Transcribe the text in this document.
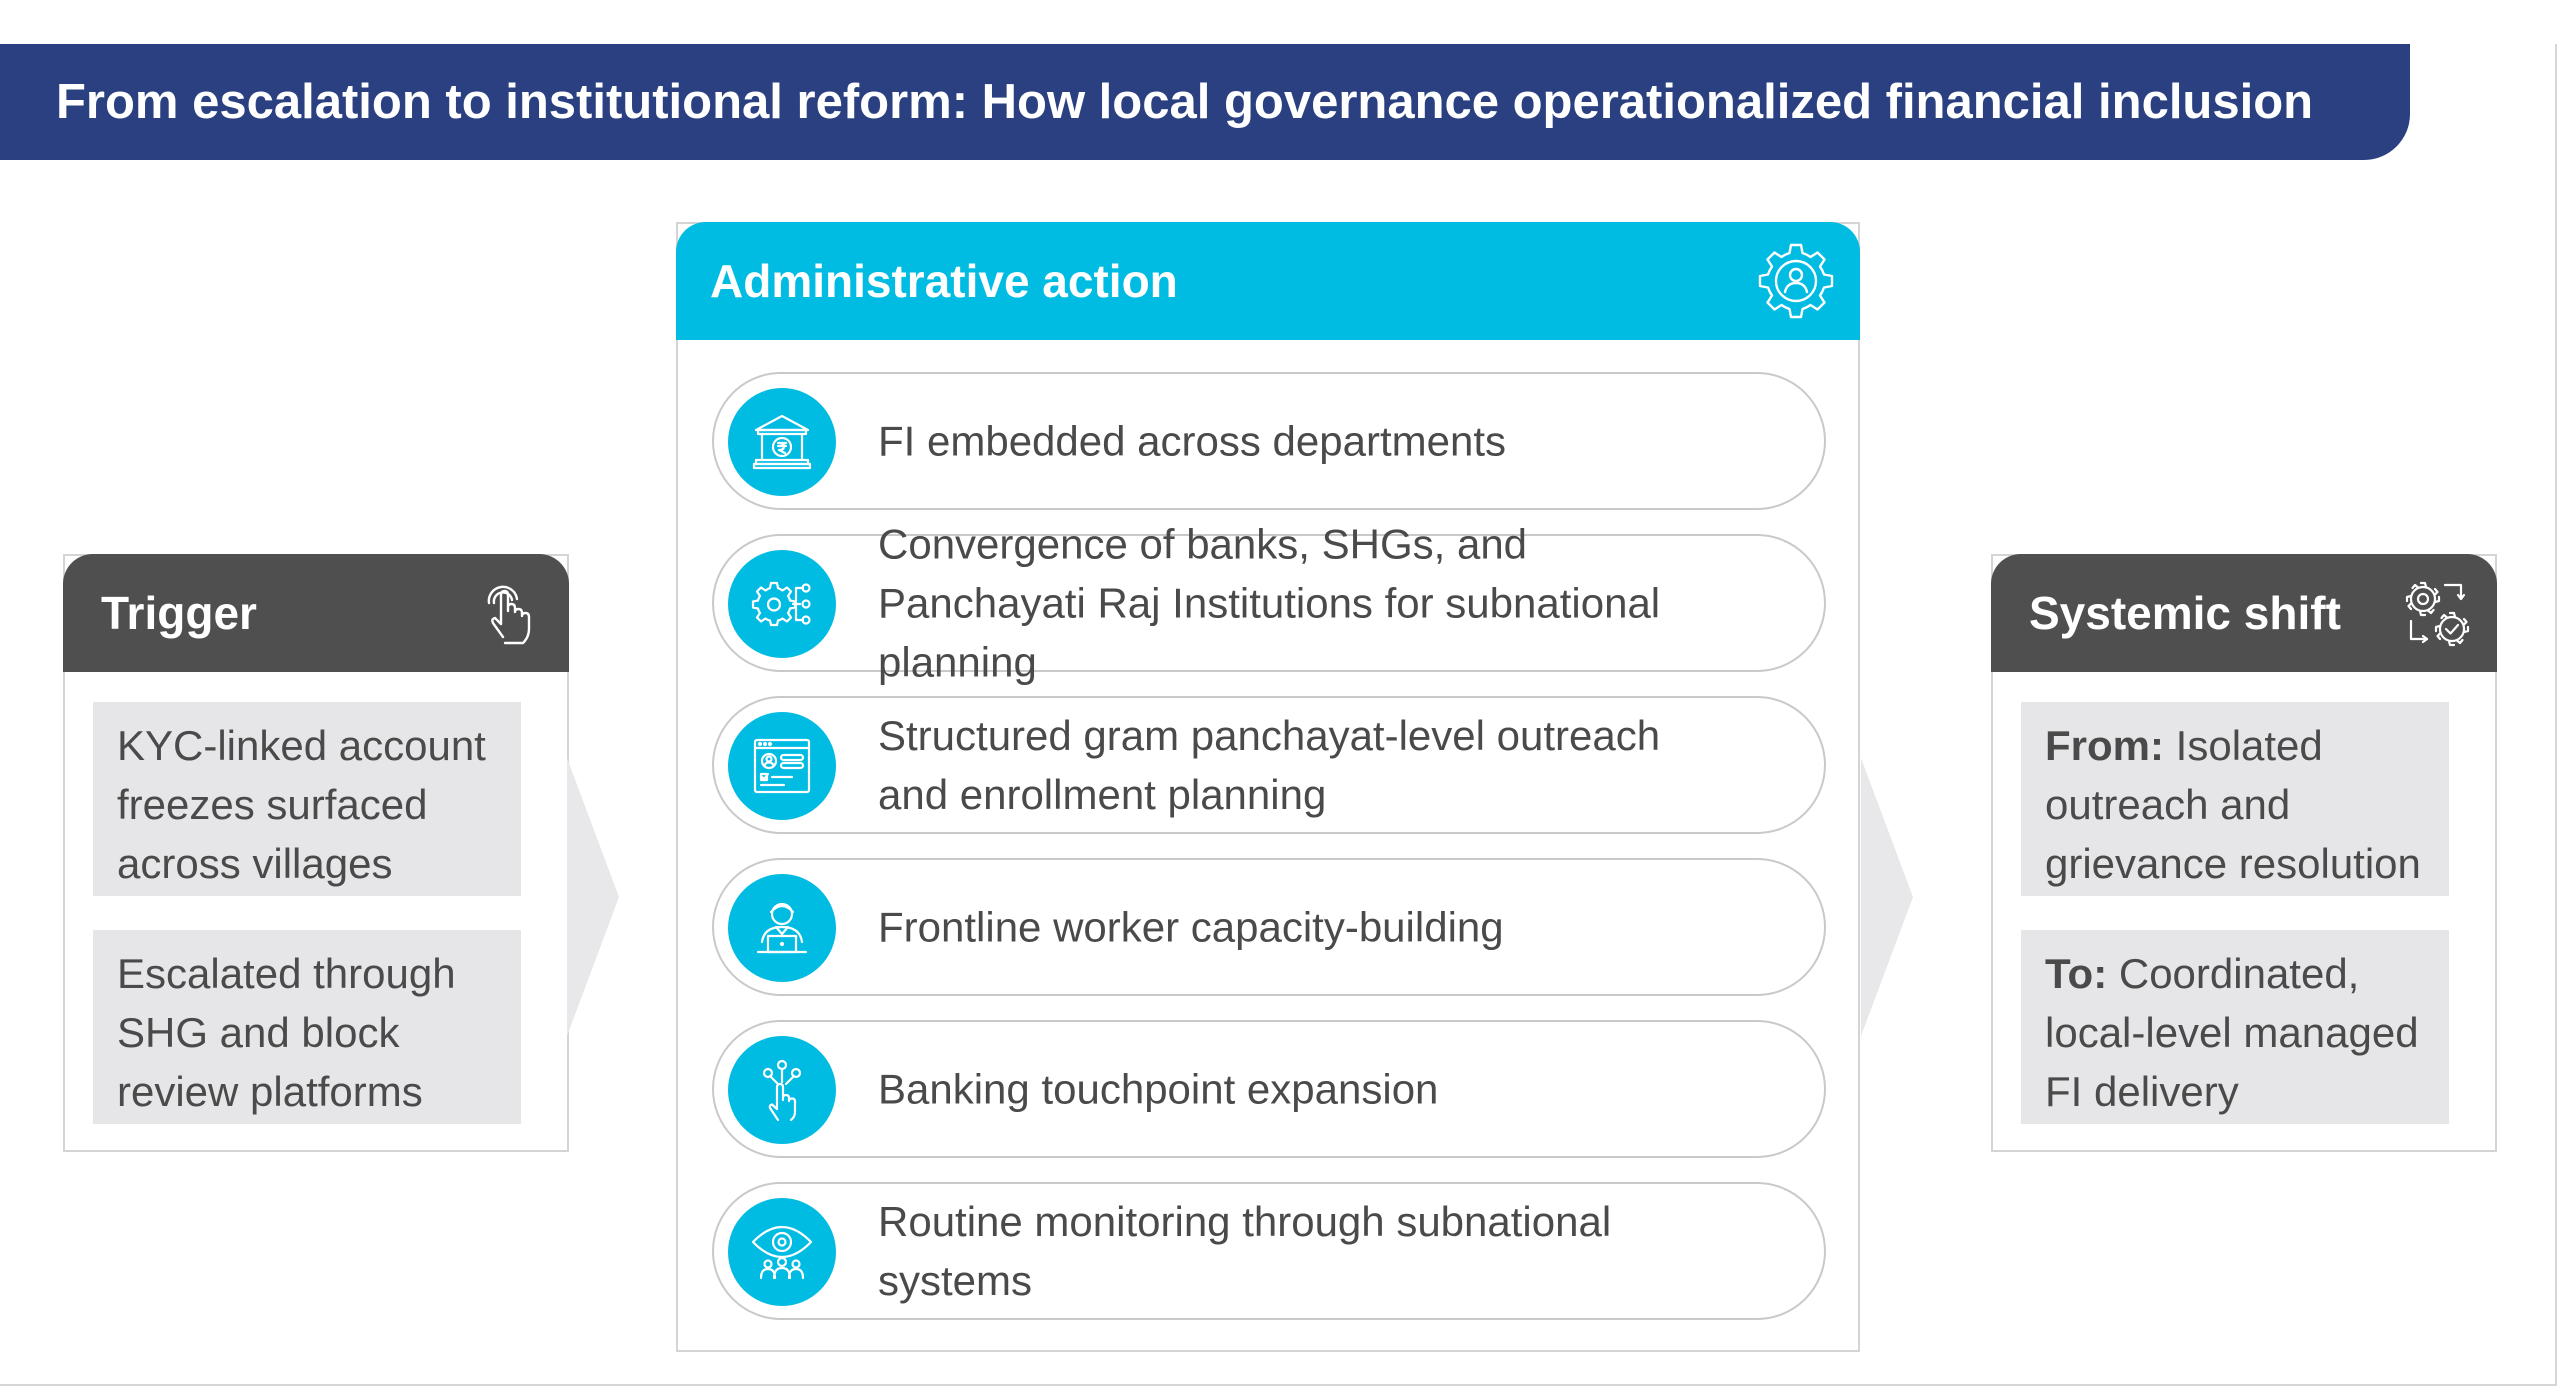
From escalation to institutional reform: How local governance operationalized financial inclusion
Trigger
KYC-linked account freezes surfaced across villages
Escalated through SHG and block review platforms
Administrative action
FI embedded across departments
Convergence of banks, SHGs, and Panchayati Raj Institutions for subnational planning
Structured gram panchayat-level outreach and enrollment planning
Frontline worker capacity-building
Banking touchpoint expansion
Routine monitoring through subnational systems
Systemic shift
From: Isolated outreach and grievance resolution
To: Coordinated, local-level managed FI delivery
